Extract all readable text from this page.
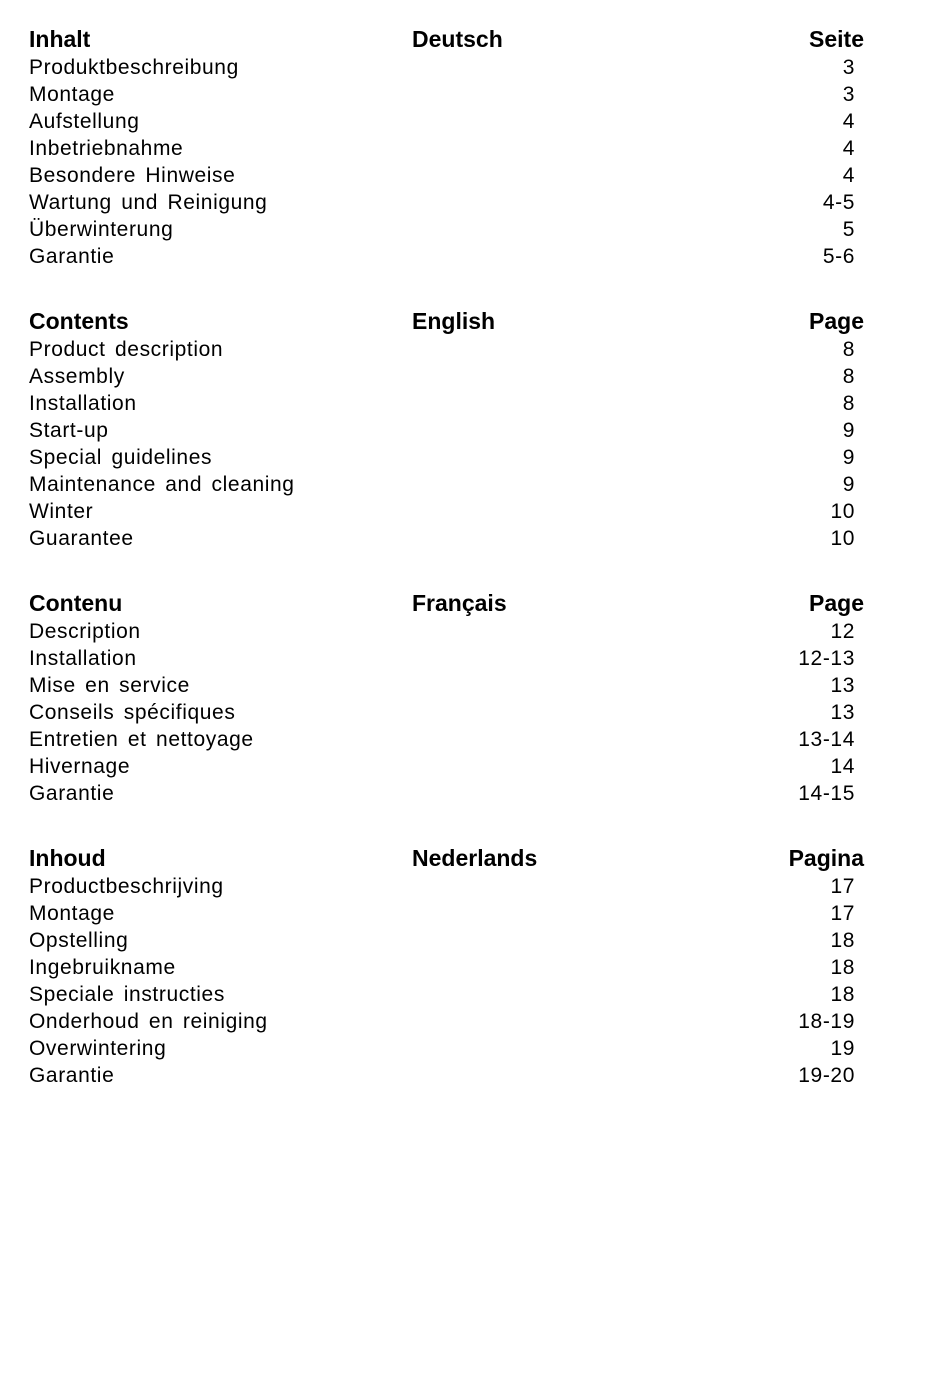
Inhalt	Deutsch	Seite
Produktbeschreibung	3
Montage	3
Aufstellung	4
Inbetriebnahme	4
Besondere Hinweise	4
Wartung und Reinigung	4-5
Überwinterung	5
Garantie	5-6
Contents	English	Page
Product description	8
Assembly	8
Installation	8
Start-up	9
Special guidelines	9
Maintenance and cleaning	9
Winter	10
Guarantee	10
Contenu	Français	Page
Description	12
Installation	12-13
Mise en service	13
Conseils spécifiques	13
Entretien et nettoyage	13-14
Hivernage	14
Garantie	14-15
Inhoud	Nederlands	Pagina
Productbeschrijving	17
Montage	17
Opstelling	18
Ingebruikname	18
Speciale instructies	18
Onderhoud en reiniging	18-19
Overwintering	19
Garantie	19-20
